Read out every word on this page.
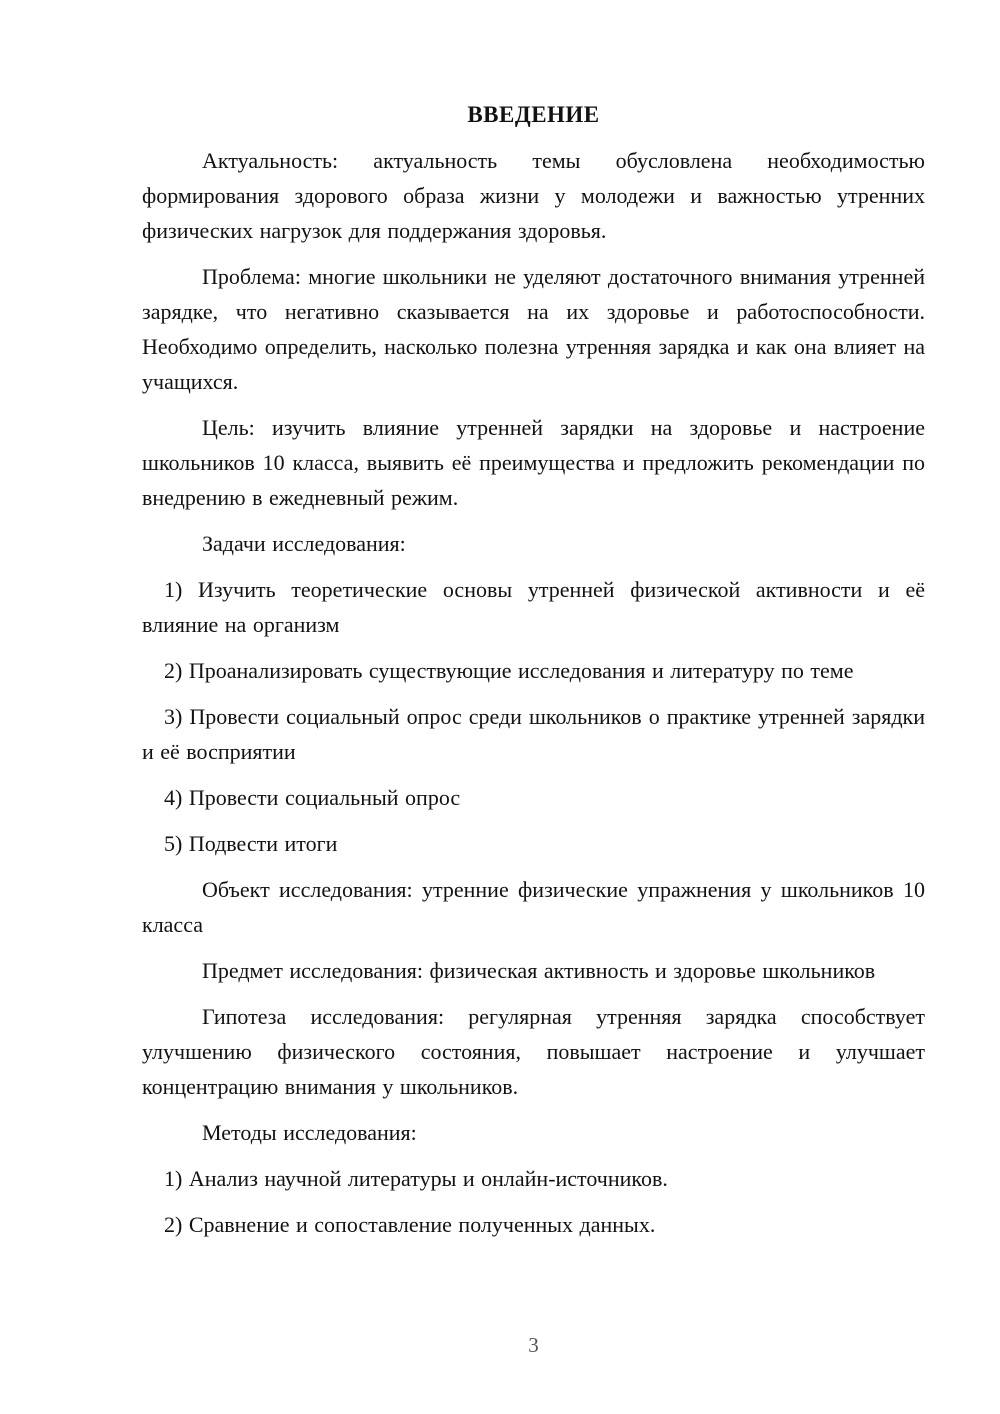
ВВЕДЕНИЕ

Актуальность: актуальность темы обусловлена необходимостью формирования здорового образа жизни у молодежи и важностью утренних физических нагрузок для поддержания здоровья.

Проблема: многие школьники не уделяют достаточного внимания утренней зарядке, что негативно сказывается на их здоровье и работоспособности. Необходимо определить, насколько полезна утренняя зарядка и как она влияет на учащихся.

Цель: изучить влияние утренней зарядки на здоровье и настроение школьников 10 класса, выявить её преимущества и предложить рекомендации по внедрению в ежедневный режим.

Задачи исследования:

1) Изучить теоретические основы утренней физической активности и её влияние на организм

2) Проанализировать существующие исследования и литературу по теме

3) Провести социальный опрос среди школьников о практике утренней зарядки и её восприятии

4) Провести социальный опрос

5) Подвести итоги

Объект исследования: утренние физические упражнения у школьников 10 класса

Предмет исследования: физическая активность и здоровье школьников

Гипотеза исследования: регулярная утренняя зарядка способствует улучшению физического состояния, повышает настроение и улучшает концентрацию внимания у школьников.

Методы исследования:

1) Анализ научной литературы и онлайн-источников.

2) Сравнение и сопоставление полученных данных.

3
